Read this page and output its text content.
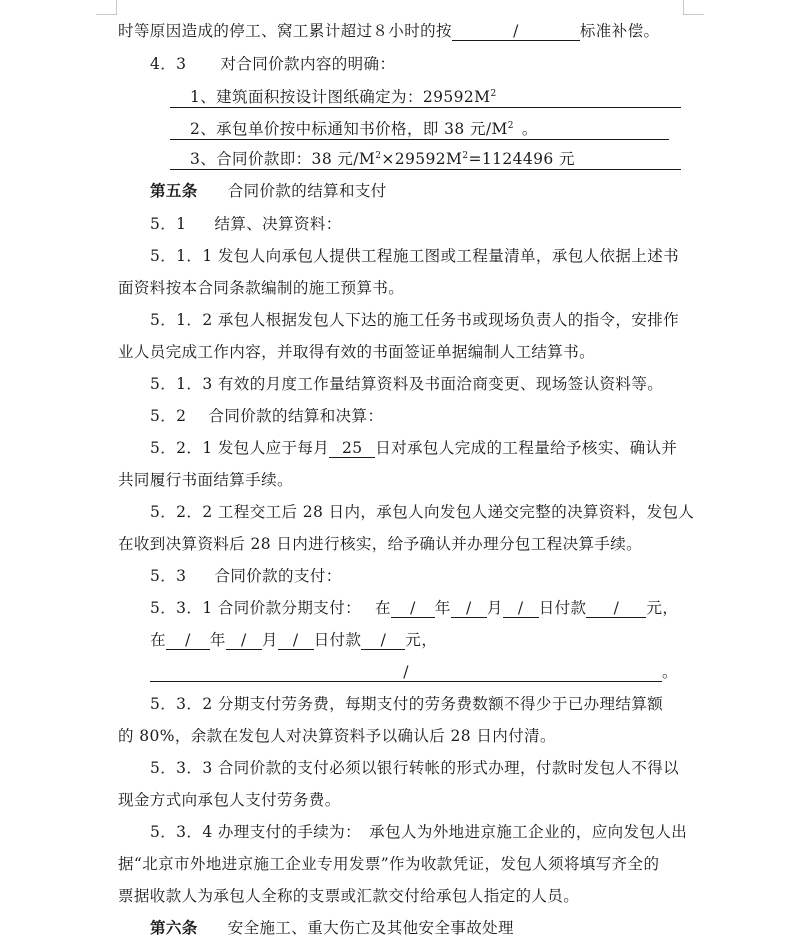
时等原因造成的停工、窝工累计超过８小时的按	/	标准补偿。
4．3 对合同价款内容的明确：
1、建筑面积按设计图纸确定为：$29592M^2$
2、承包单价按中标通知书价格，即 38 元$/M^2$ 。
3、合同价款即：38 元$/M^2\times 29592M^2=1124496$ 元
第五条 合同价款的结算和支付
5．1 结算、决算资料：
5．1．1 发包人向承包人提供工程施工图或工程量清单，承包人依据上述书
面资料按本合同条款编制的施工预算书。
5．1．2 承包人根据发包人下达的施工任务书或现场负责人的指令，安排作
业人员完成工作内容，并取得有效的书面签证单据编制人工结算书。
5．1．3 有效的月度工作量结算资料及书面洽商变更、现场签认资料等。
5．2 合同价款的结算和决算：
5．2．1 发包人应于每月 25 日对承包人完成的工程量给予核实、确认并
共同履行书面结算手续。
5．2．2 工程交工后 28 日内，承包人向发包人递交完整的决算资料，发包人
在收到决算资料后 28 日内进行核实，给予确认并办理分包工程决算手续。
5．3 合同价款的支付：
5．3．1 合同价款分期支付： 在 / 年 / 月 / 日付款 / 元，
在 / 年 / 月 / 日付款 / 元，
/	。
5．3．2 分期支付劳务费，每期支付的劳务费数额不得少于已办理结算额
的 80%，余款在发包人对决算资料予以确认后 28 日内付清。
5．3．3 合同价款的支付必须以银行转帐的形式办理，付款时发包人不得以
现金方式向承包人支付劳务费。
5．3．4 办理支付的手续为：　承包人为外地进京施工企业的，应向发包人出
据“北京市外地进京施工企业专用发票”作为收款凭证，发包人须将填写齐全的
票据收款人为承包人全称的支票或汇款交付给承包人指定的人员。
第六条 安全施工、重大伤亡及其他安全事故处理
